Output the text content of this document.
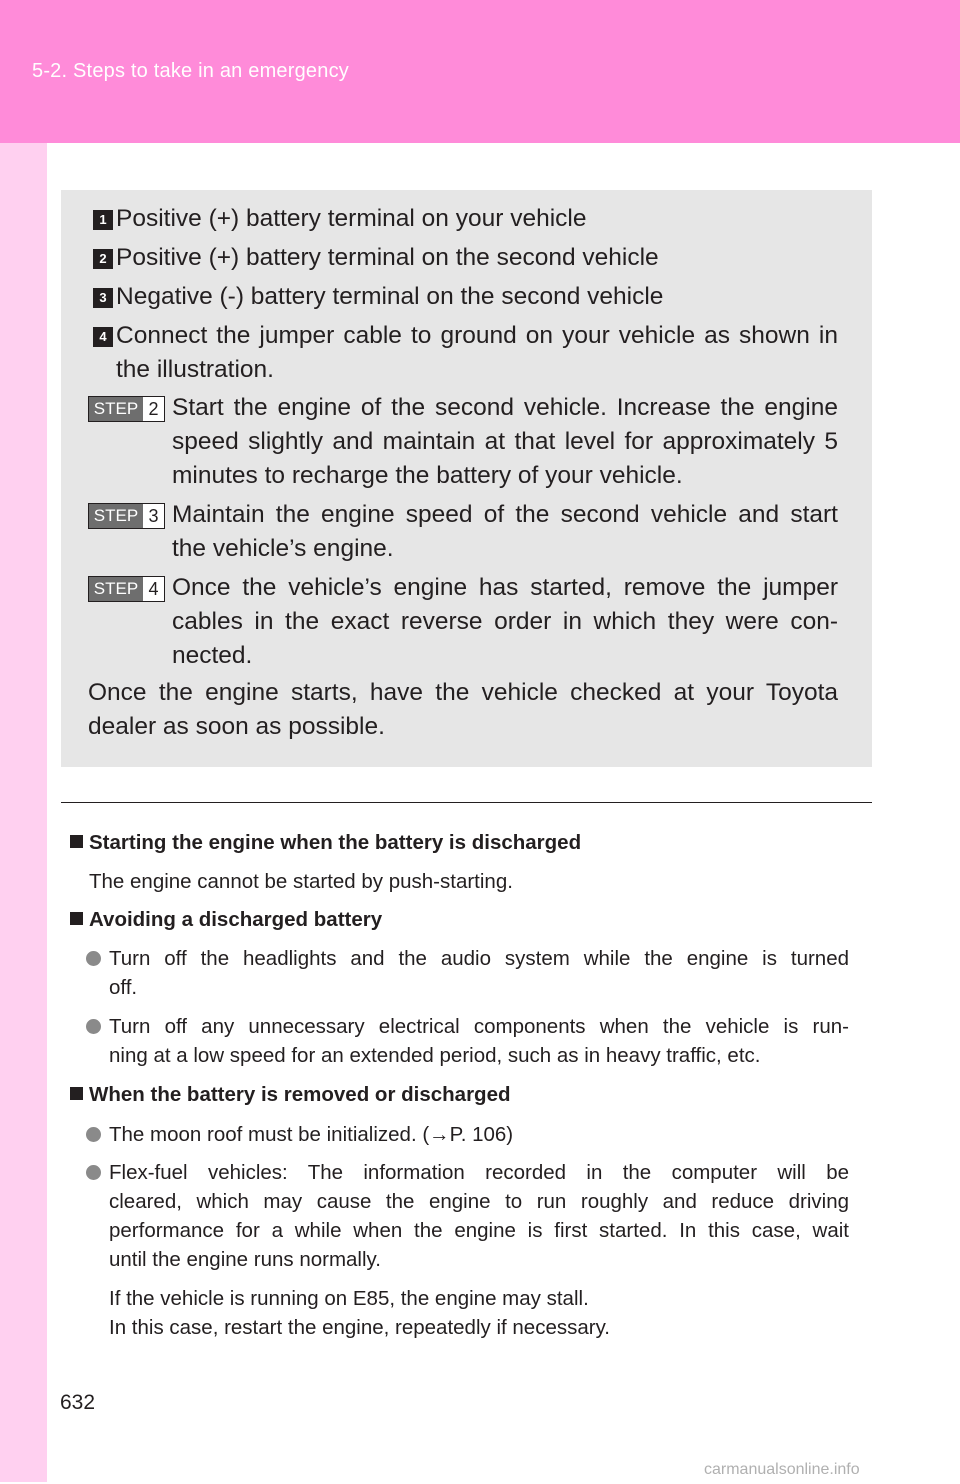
5-2. Steps to take in an emergency
1 Positive (+) battery terminal on your vehicle
2 Positive (+) battery terminal on the second vehicle
3 Negative (-) battery terminal on the second vehicle
4 Connect the jumper cable to ground on your vehicle as shown in
the illustration.
STEP 2 Start the engine of the second vehicle. Increase the engine
speed slightly and maintain at that level for approximately 5
minutes to recharge the battery of your vehicle.
STEP 3 Maintain the engine speed of the second vehicle and start
the vehicle’s engine.
STEP 4 Once the vehicle’s engine has started, remove the jumper
cables in the exact reverse order in which they were con-
nected.
Once the engine starts, have the vehicle checked at your Toyota
dealer as soon as possible.
Starting the engine when the battery is discharged
The engine cannot be started by push-starting.
Avoiding a discharged battery
Turn off the headlights and the audio system while the engine is turned
off.
Turn off any unnecessary electrical components when the vehicle is run-
ning at a low speed for an extended period, such as in heavy traffic, etc.
When the battery is removed or discharged
The moon roof must be initialized. (→P. 106)
Flex-fuel vehicles: The information recorded in the computer will be
cleared, which may cause the engine to run roughly and reduce driving
performance for a while when the engine is first started. In this case, wait
until the engine runs normally.
If the vehicle is running on E85, the engine may stall.
In this case, restart the engine, repeatedly if necessary.
632
carmanualsonline.info
